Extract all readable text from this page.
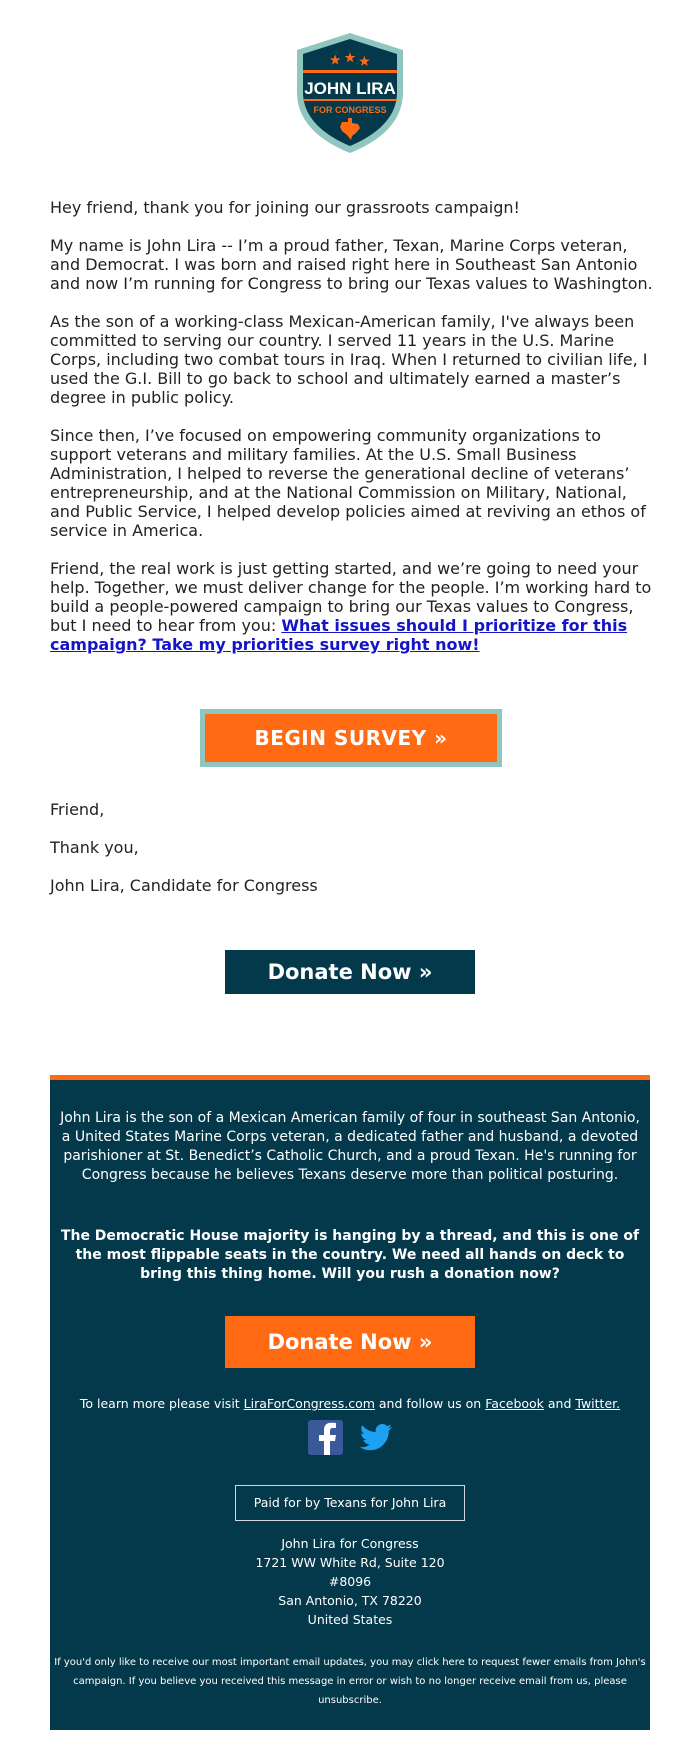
JOHN LIRA
FOR CONGRESS

Hey friend, thank you for joining our grassroots campaign!

My name is John Lira -- I’m a proud father, Texan, Marine Corps veteran, and Democrat. I was born and raised right here in Southeast San Antonio and now I’m running for Congress to bring our Texas values to Washington.

As the son of a working-class Mexican-American family, I've always been committed to serving our country. I served 11 years in the U.S. Marine Corps, including two combat tours in Iraq. When I returned to civilian life, I used the G.I. Bill to go back to school and ultimately earned a master’s degree in public policy.

Since then, I’ve focused on empowering community organizations to support veterans and military families. At the U.S. Small Business Administration, I helped to reverse the generational decline of veterans’ entrepreneurship, and at the National Commission on Military, National, and Public Service, I helped develop policies aimed at reviving an ethos of service in America.

Friend, the real work is just getting started, and we’re going to need your help. Together, we must deliver change for the people. I’m working hard to build a people-powered campaign to bring our Texas values to Congress, but I need to hear from you: What issues should I prioritize for this campaign? Take my priorities survey right now!

BEGIN SURVEY »

Friend,

Thank you,

John Lira, Candidate for Congress

Donate Now »
John Lira is the son of a Mexican American family of four in southeast San Antonio, a United States Marine Corps veteran, a dedicated father and husband, a devoted parishioner at St. Benedict’s Catholic Church, and a proud Texan. He's running for Congress because he believes Texans deserve more than political posturing.
The Democratic House majority is hanging by a thread, and this is one of the most flippable seats in the country. We need all hands on deck to bring this thing home. Will you rush a donation now?
Donate Now »
To learn more please visit LiraForCongress.com and follow us on Facebook and Twitter.
Paid for by Texans for John Lira
John Lira for Congress
1721 WW White Rd, Suite 120
#8096
San Antonio, TX 78220
United States
If you'd only like to receive our most important email updates, you may click here to request fewer emails from John's campaign. If you believe you received this message in error or wish to no longer receive email from us, please unsubscribe.
